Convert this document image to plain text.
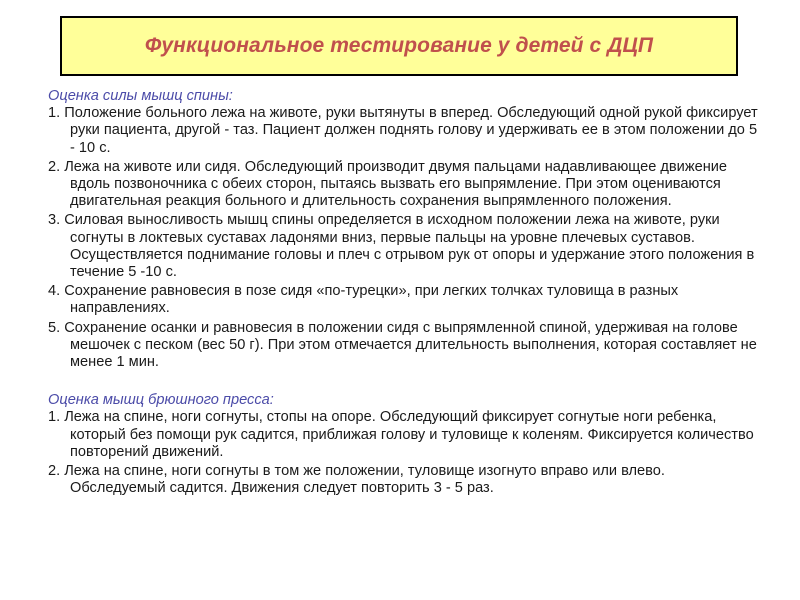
Функциональное тестирование у детей с ДЦП

Оценка силы мышц спины:

1. Положение больного лежа на животе, руки вытянуты в вперед. Обследующий одной рукой фиксирует руки пациента, другой - таз. Пациент должен поднять голову и удерживать ее в этом положении до 5 - 10 с.

2. Лежа на животе или сидя. Обследующий производит двумя пальцами надавливающее движение вдоль позвоночника с обеих сторон, пытаясь вызвать его выпрямление. При этом оцениваются двигательная реакция больного и длительность сохранения выпрямленного положения.

3. Силовая выносливость мышц спины определяется в исходном положении лежа на животе, руки согнуты в локтевых суставах ладонями вниз, первые пальцы на уровне плечевых суставов. Осуществляется поднимание головы и плеч с отрывом рук от опоры и удержание этого положения в течение 5 -10 с.

4. Сохранение равновесия в позе сидя «по-турецки», при легких толчках туловища в разных направлениях.

5. Сохранение осанки и равновесия в положении сидя с выпрямленной спиной, удерживая на голове мешочек с песком (вес 50 г). При этом отмечается длительность выполнения, которая составляет не менее 1 мин.

Оценка мышц брюшного пресса:

1. Лежа на спине, ноги согнуты, стопы на опоре. Обследующий фиксирует согнутые ноги ребенка, который без помощи рук садится, приближая голову и туловище к коленям. Фиксируется количество повторений движений.

2. Лежа на спине, ноги согнуты в том же положении, туловище изогнуто вправо или влево. Обследуемый садится. Движения следует повторить 3 - 5 раз.
